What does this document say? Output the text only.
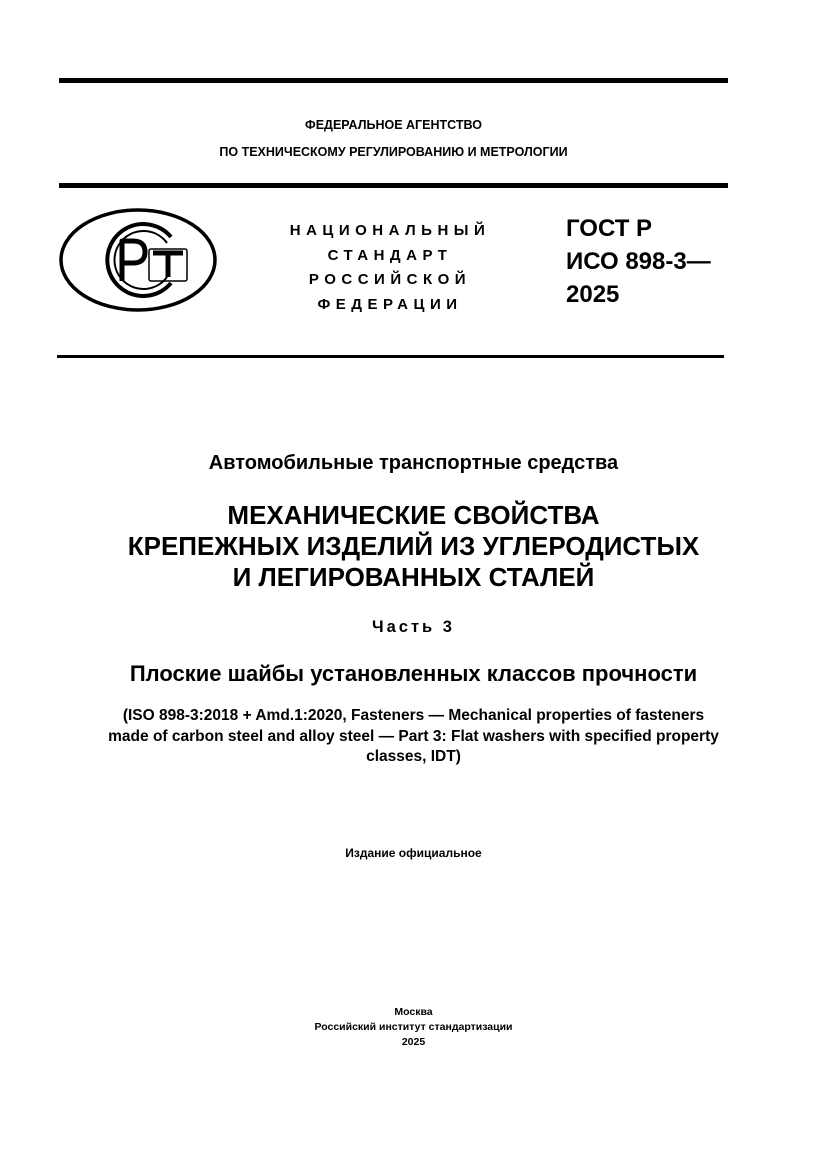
ФЕДЕРАЛЬНОЕ АГЕНТСТВО
ПО ТЕХНИЧЕСКОМУ РЕГУЛИРОВАНИЮ И МЕТРОЛОГИИ
НАЦИОНАЛЬНЫЙ
СТАНДАРТ
РОССИЙСКОЙ
ФЕДЕРАЦИИ
ГОСТ Р
ИСО 898-3—
2025
Автомобильные транспортные средства
МЕХАНИЧЕСКИЕ СВОЙСТВА
КРЕПЕЖНЫХ ИЗДЕЛИЙ ИЗ УГЛЕРОДИСТЫХ
И ЛЕГИРОВАННЫХ СТАЛЕЙ
Часть 3
Плоские шайбы установленных классов прочности
(ISO 898-3:2018 + Amd.1:2020, Fasteners — Mechanical properties of fasteners
made of carbon steel and alloy steel — Part 3: Flat washers with specified property
classes, IDT)
Издание официальное
Москва
Российский институт стандартизации
2025
